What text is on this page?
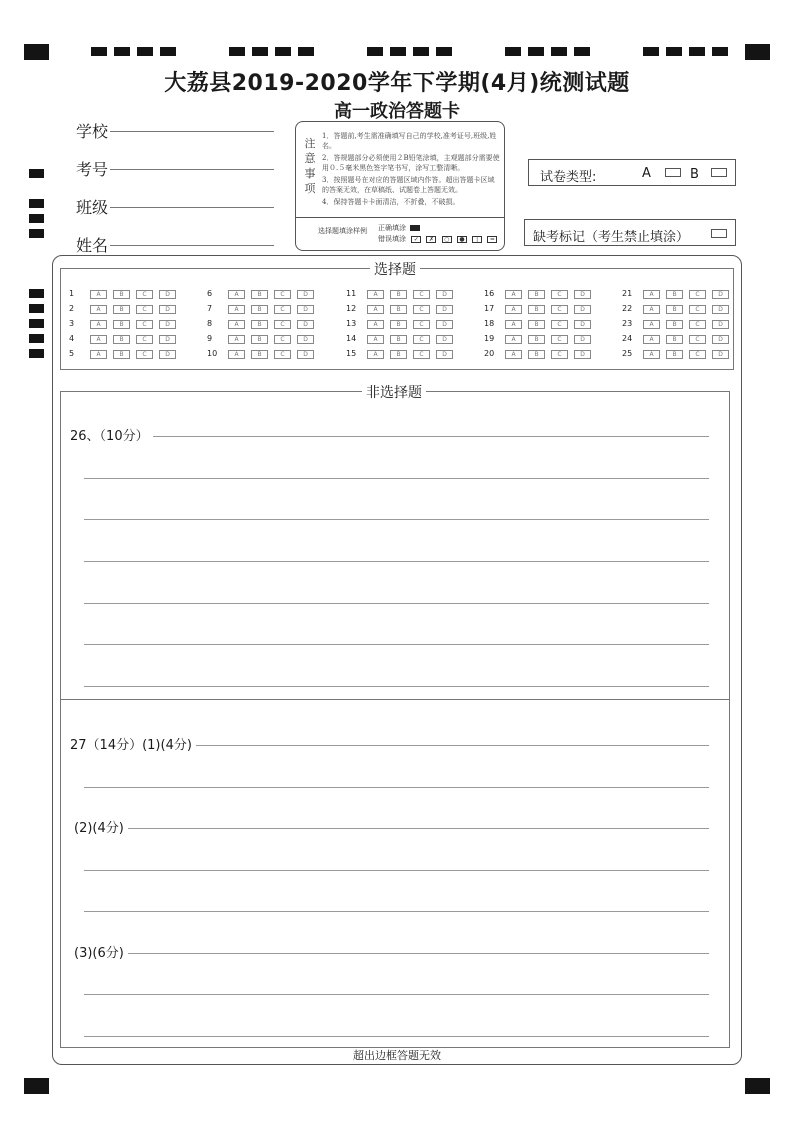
大荔县2019-2020学年下学期(4月)统测试题
高一政治答题卡
学校
考号
班级
姓名
注
意
事
项

1．答题前,考生需准确填写自己的学校,准考证号,班级,姓名。

2．答规题部分必须使用２B铅笔涂填，主观题部分需要使用０.５毫米黑色签字笔书写，涂写工整清晰。

3．按照题号在对应的答题区域内作答。超出答题卡区域的答案无效，在草稿纸、试题卷上答题无效。

4．保持答题卡卡面清洁，不折叠，不破损。

选择题填涂样例 正确填涂
错误填涂 ✓ ✗ ○ ● | =
试卷类型:	A	B
缺考标记（考生禁止填涂）
选择题
1	A	B	C	D
2	A	B	C	D
3	A	B	C	D
4	A	B	C	D
5	A	B	C	D
6	A	B	C	D
7	A	B	C	D
8	A	B	C	D
9	A	B	C	D
10	A	B	C	D
11	A	B	C	D
12	A	B	C	D
13	A	B	C	D
14	A	B	C	D
15	A	B	C	D
16	A	B	C	D
17	A	B	C	D
18	A	B	C	D
19	A	B	C	D
20	A	B	C	D
21	A	B	C	D
22	A	B	C	D
23	A	B	C	D
24	A	B	C	D
25	A	B	C	D
非选择题
26、（10分）
27（14分）(1)(4分)
(2)(4分)
(3)(6分)
超出边框答题无效
